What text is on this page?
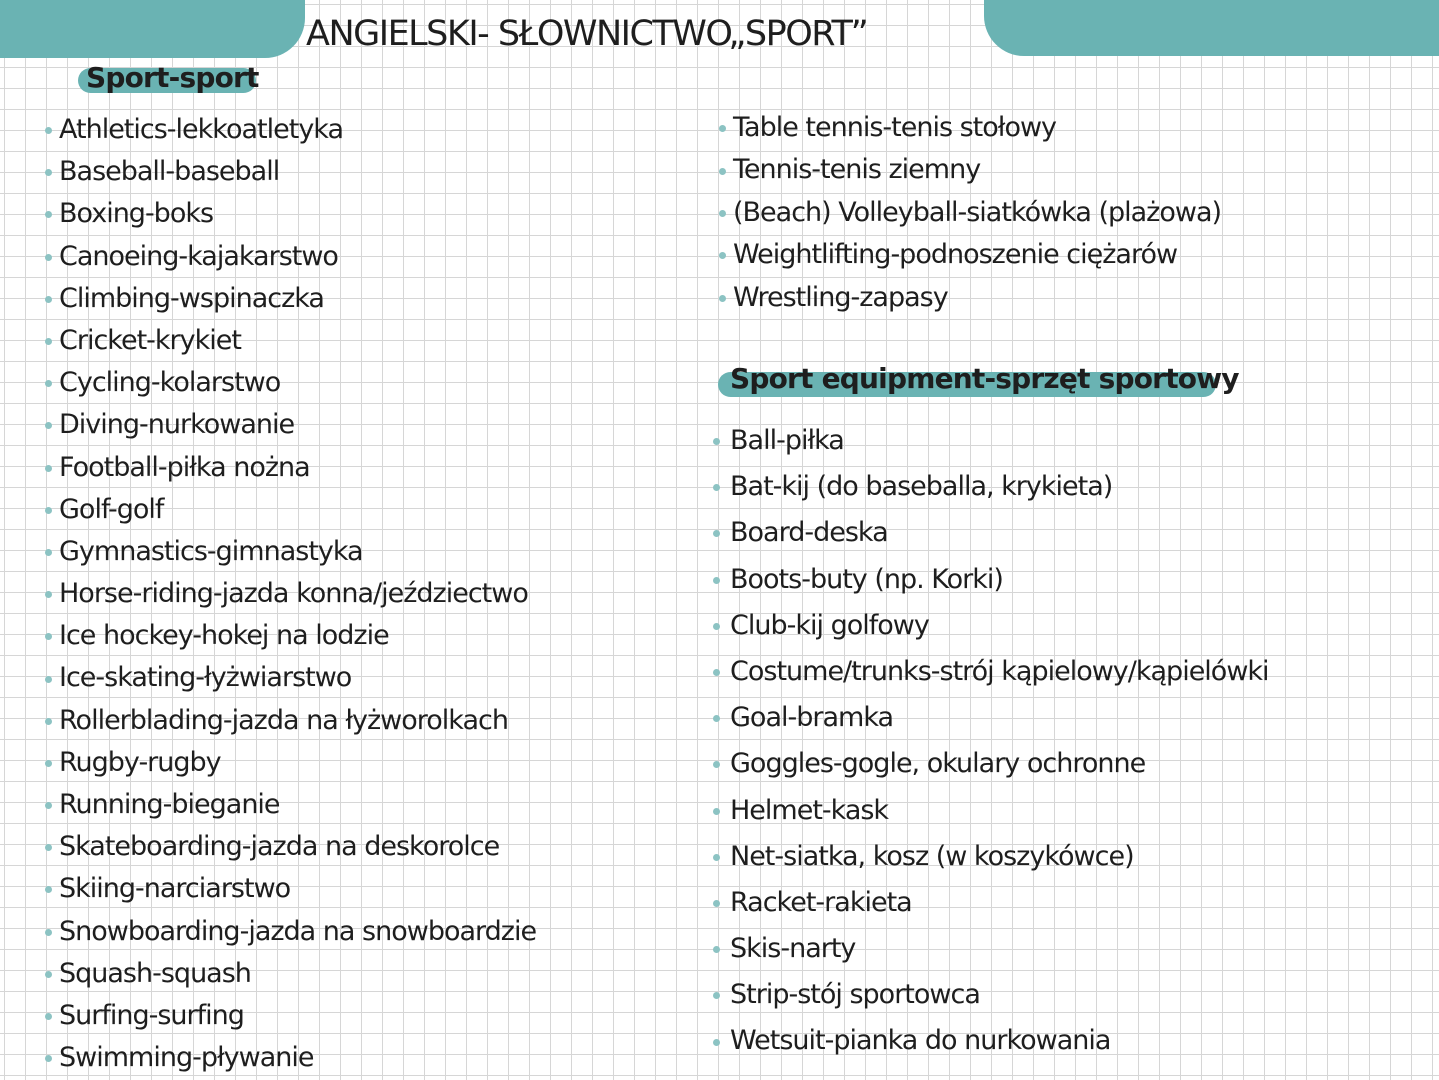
ANGIELSKI- SŁOWNICTWO„SPORT”
Sport-sport
Athletics-lekkoatletyka
Baseball-baseball
Boxing-boks
Canoeing-kajakarstwo
Climbing-wspinaczka
Cricket-krykiet
Cycling-kolarstwo
Diving-nurkowanie
Football-piłka nożna
Golf-golf
Gymnastics-gimnastyka
Horse-riding-jazda konna/jeździectwo
Ice hockey-hokej na lodzie
Ice-skating-łyżwiarstwo
Rollerblading-jazda na łyżworolkach
Rugby-rugby
Running-bieganie
Skateboarding-jazda na deskorolce
Skiing-narciarstwo
Snowboarding-jazda na snowboardzie
Squash-squash
Surfing-surfing
Swimming-pływanie
Table tennis-tenis stołowy
Tennis-tenis ziemny
(Beach) Volleyball-siatkówka (plażowa)
Weightlifting-podnoszenie ciężarów
Wrestling-zapasy
Sport equipment-sprzęt sportowy
Ball-piłka
Bat-kij (do baseballa, krykieta)
Board-deska
Boots-buty (np. Korki)
Club-kij golfowy
Costume/trunks-strój kąpielowy/kąpielówki
Goal-bramka
Goggles-gogle, okulary ochronne
Helmet-kask
Net-siatka, kosz (w koszykówce)
Racket-rakieta
Skis-narty
Strip-stój sportowca
Wetsuit-pianka do nurkowania
